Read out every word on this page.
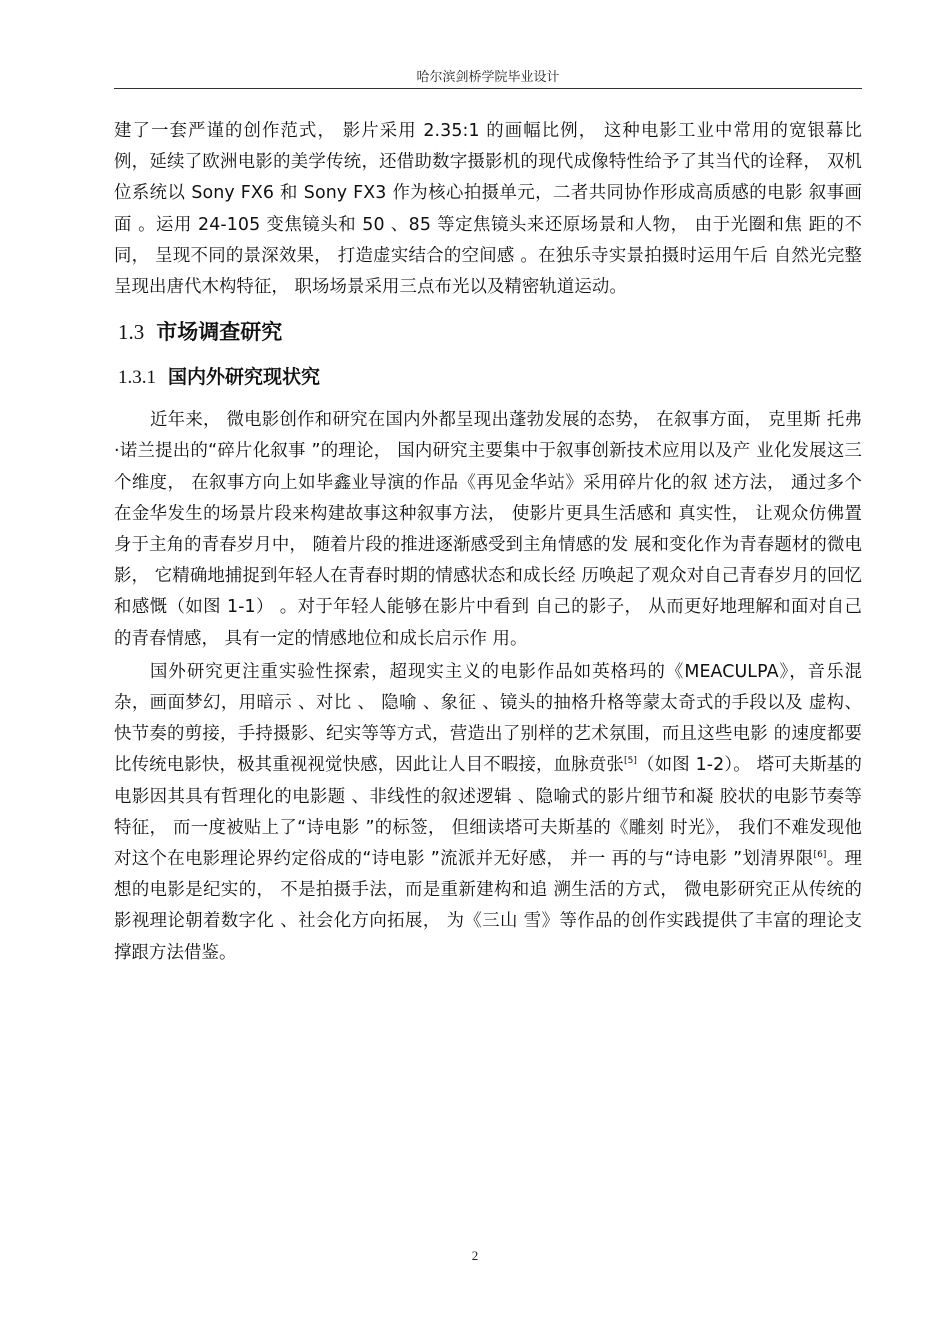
哈尔滨剑桥学院毕业设计

建了一套严谨的创作范式， 影片采用 2.35:1 的画幅比例， 这种电影工业中常用的宽银幕比 例，延续了欧洲电影的美学传统，还借助数字摄影机的现代成像特性给予了其当代的诠释， 双机位系统以 Sony FX6 和 Sony FX3 作为核心拍摄单元，二者共同协作形成高质感的电影 叙事画面 。运用 24-105 变焦镜头和 50 、85 等定焦镜头来还原场景和人物， 由于光圈和焦 距的不同， 呈现不同的景深效果， 打造虚实结合的空间感 。在独乐寺实景拍摄时运用午后 自然光完整呈现出唐代木构特征， 职场场景采用三点布光以及精密轨道运动。

1.3 市场调查研究
1.3.1 国内外研究现状究

近年来， 微电影创作和研究在国内外都呈现出蓬勃发展的态势， 在叙事方面， 克里斯 托弗 ·诺兰提出的“碎片化叙事 ”的理论， 国内研究主要集中于叙事创新技术应用以及产 业化发展这三个维度， 在叙事方向上如毕鑫业导演的作品《再见金华站》采用碎片化的叙 述方法， 通过多个在金华发生的场景片段来构建故事这种叙事方法， 使影片更具生活感和 真实性， 让观众仿佛置身于主角的青春岁月中， 随着片段的推进逐渐感受到主角情感的发 展和变化作为青春题材的微电影， 它精确地捕捉到年轻人在青春时期的情感状态和成长经 历唤起了观众对自己青春岁月的回忆和感慨（如图 1-1） 。对于年轻人能够在影片中看到 自己的影子， 从而更好地理解和面对自己的青春情感， 具有一定的情感地位和成长启示作 用。

国外研究更注重实验性探索，超现实主义的电影作品如英格玛的《MEACULPA》，音乐混杂，画面梦幻，用暗示 、对比 、 隐喻 、象征 、镜头的抽格升格等蒙太奇式的手段以及 虚构、快节奏的剪接，手持摄影、纪实等等方式，营造出了别样的艺术氛围，而且这些电影 的速度都要比传统电影快，极其重视视觉快感，因此让人目不暇接，血脉贲张[5]（如图 1-2）。 塔可夫斯基的电影因其具有哲理化的电影题 、非线性的叙述逻辑 、隐喻式的影片细节和凝 胶状的电影节奏等特征， 而一度被贴上了“诗电影 ”的标签， 但细读塔可夫斯基的《雕刻 时光》， 我们不难发现他对这个在电影理论界约定俗成的“诗电影 ”流派并无好感， 并一 再的与“诗电影 ”划清界限[6]。理想的电影是纪实的， 不是拍摄手法，而是重新建构和追 溯生活的方式， 微电影研究正从传统的影视理论朝着数字化 、社会化方向拓展， 为《三山 雪》等作品的创作实践提供了丰富的理论支撑跟方法借鉴。

2
